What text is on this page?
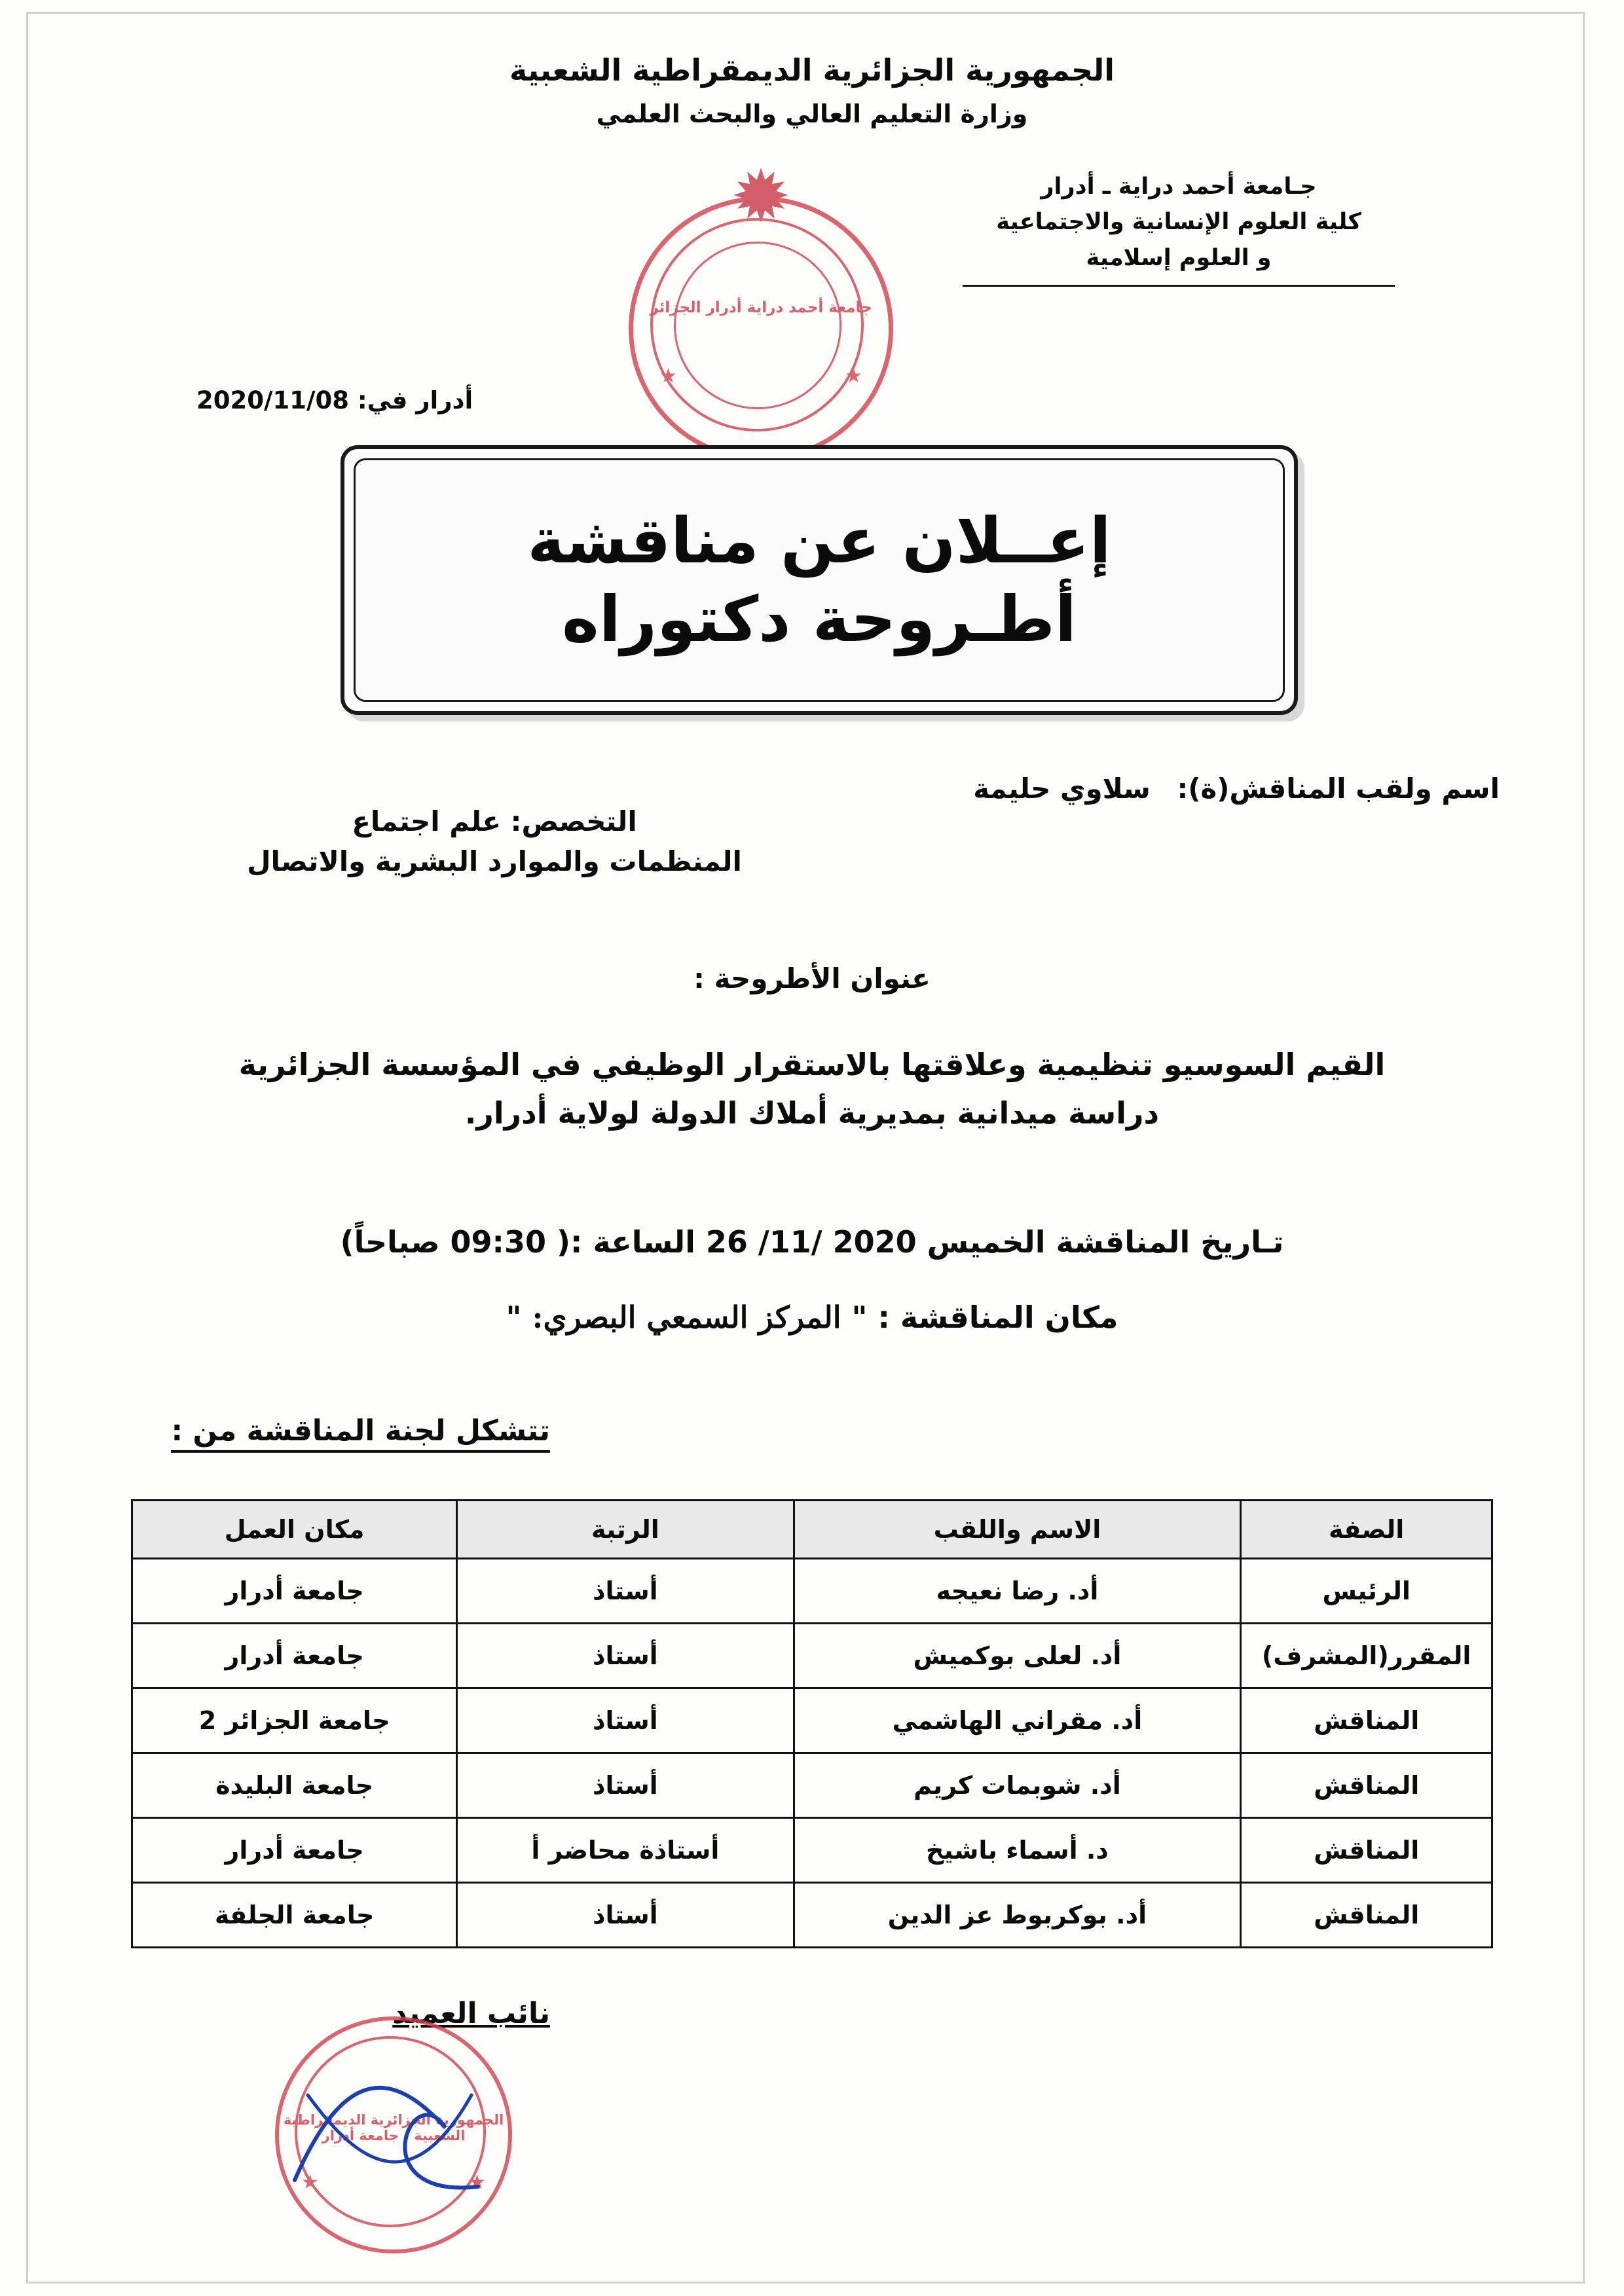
الجمهورية الجزائرية الديمقراطية الشعبية
وزارة التعليم العالي والبحث العلمي
جـامعة أحمد دراية ـ أدرار
كلية العلوم الإنسانية والاجتماعية
و العلوم إسلامية
أدرار في: 2020/11/08
✹
جامعة أحمد دراية أدرار الجزائر
★	★
إعــلان عن مناقشة
أطـروحة دكتوراه
اسم ولقب المناقش(ة): سلاوي حليمة
التخصص: علم اجتماع
المنظمات والموارد البشرية والاتصال
عنوان الأطروحة :
القيم السوسيو تنظيمية وعلاقتها بالاستقرار الوظيفي في المؤسسة الجزائرية
دراسة ميدانية بمديرية أملاك الدولة لولاية أدرار.
تـاريخ المناقشة الخميس 2020 /11/ 26 الساعة :( 09:30 صباحاً)
مكان المناقشة : " المركز السمعي البصري: "
تتشكل لجنة المناقشة من :
الصفة	الاسم واللقب	الرتبة	مكان العمل
الرئيس	أد. رضا نعيجه	أستاذ	جامعة أدرار
المقرر(المشرف)	أد. لعلى بوكميش	أستاذ	جامعة أدرار
المناقش	أد. مقراني الهاشمي	أستاذ	جامعة الجزائر 2
المناقش	أد. شوبمات كريم	أستاذ	جامعة البليدة
المناقش	د. أسماء باشيخ	أستاذة محاضر أ	جامعة أدرار
المناقش	أد. بوكربوط عز الدين	أستاذ	جامعة الجلفة
نائب العميد
الجمهورية الجزائرية الديمقراطية الشعبية - جامعة أدرار
★	★
